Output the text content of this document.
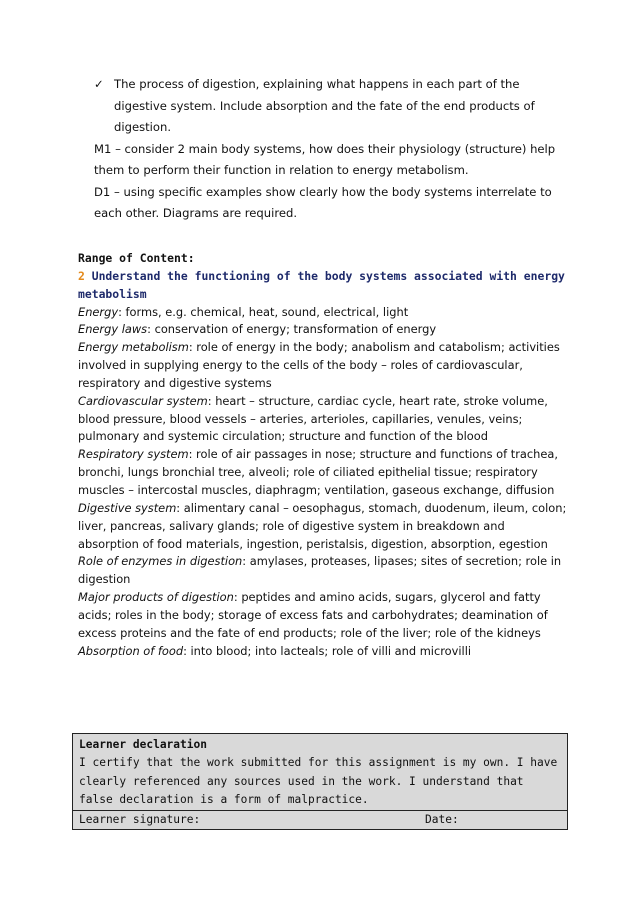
✓ The process of digestion, explaining what happens in each part of the digestive system. Include absorption and the fate of the end products of digestion.
M1 – consider 2 main body systems, how does their physiology (structure) help them to perform their function in relation to energy metabolism.
D1 – using specific examples show clearly how the body systems interrelate to each other. Diagrams are required.
Range of Content:
2 Understand the functioning of the body systems associated with energy metabolism
Energy: forms, e.g. chemical, heat, sound, electrical, light
Energy laws: conservation of energy; transformation of energy
Energy metabolism: role of energy in the body; anabolism and catabolism; activities involved in supplying energy to the cells of the body – roles of cardiovascular, respiratory and digestive systems
Cardiovascular system: heart – structure, cardiac cycle, heart rate, stroke volume, blood pressure, blood vessels – arteries, arterioles, capillaries, venules, veins; pulmonary and systemic circulation; structure and function of the blood
Respiratory system: role of air passages in nose; structure and functions of trachea, bronchi, lungs bronchial tree, alveoli; role of ciliated epithelial tissue; respiratory muscles – intercostal muscles, diaphragm; ventilation, gaseous exchange, diffusion
Digestive system: alimentary canal – oesophagus, stomach, duodenum, ileum, colon; liver, pancreas, salivary glands; role of digestive system in breakdown and absorption of food materials, ingestion, peristalsis, digestion, absorption, egestion
Role of enzymes in digestion: amylases, proteases, lipases; sites of secretion; role in digestion
Major products of digestion: peptides and amino acids, sugars, glycerol and fatty acids; roles in the body; storage of excess fats and carbohydrates; deamination of excess proteins and the fate of end products; role of the liver; role of the kidneys
Absorption of food: into blood; into lacteals; role of villi and microvilli
Learner declaration
I certify that the work submitted for this assignment is my own. I have clearly referenced any sources used in the work. I understand that false declaration is a form of malpractice.
Learner signature:	Date:
